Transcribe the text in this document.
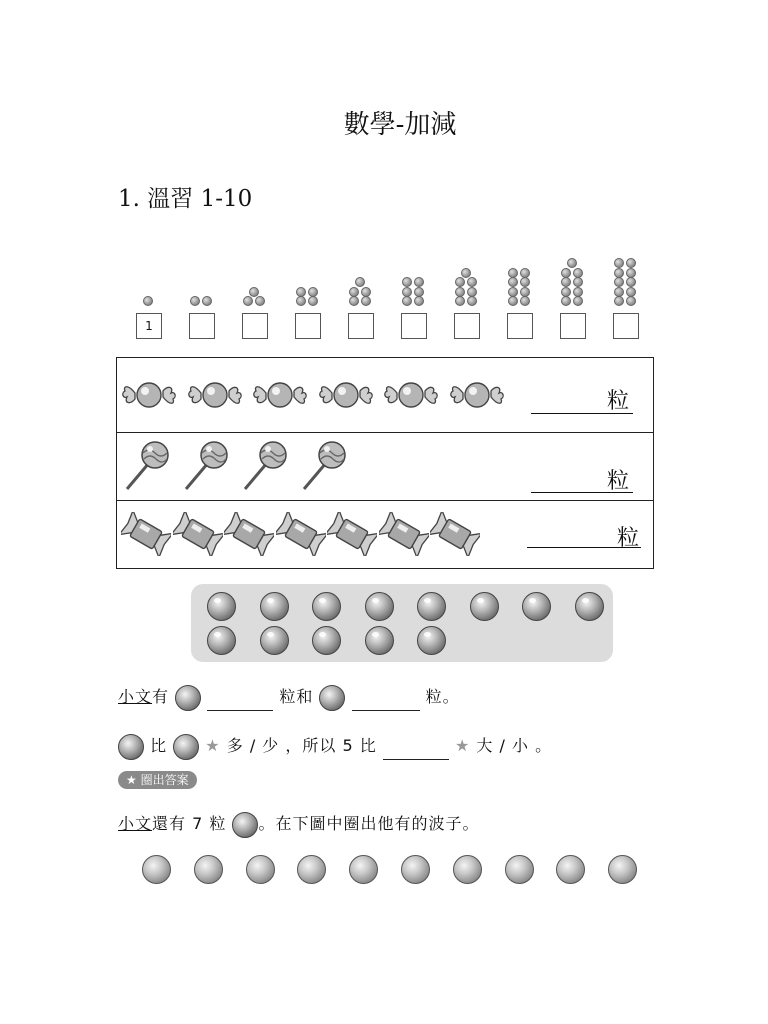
數學-加減
1. 溫習 1-10
1
粒
粒
粒
小文有	粒和	粒。
比 ★ 多 / 少 ，所以 5 比	★ 大 / 小 。
★ 圈出答案
小文還有 7 粒 。在下圖中圈出他有的波子。
